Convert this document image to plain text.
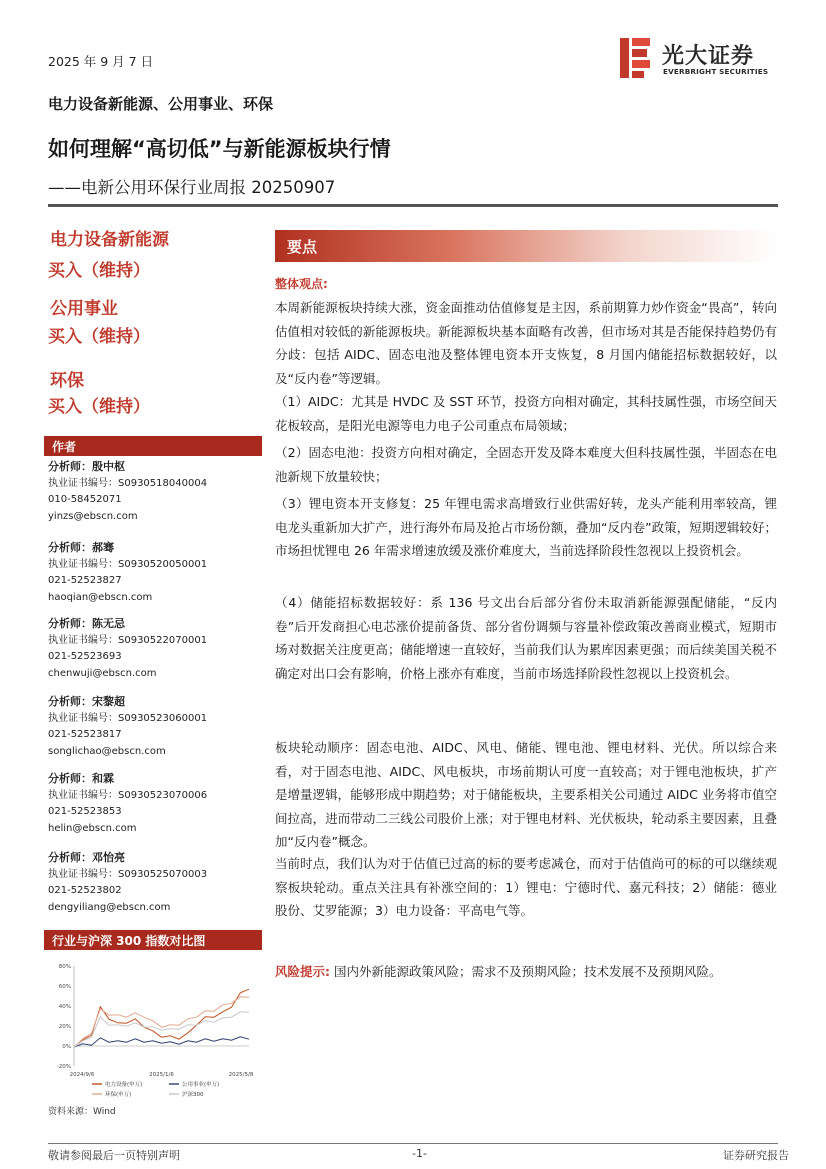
2025 年 9 月 7 日	光大证券
EVERBRIGHT SECURITIES
电力设备新能源、公用事业、环保
如何理解“高切低”与新能源板块行情
——电新公用环保行业周报 20250907
电力设备新能源
买入（维持）
公用事业
买入（维持）
环保
买入（维持）
作者
分析师：殷中枢
执业证书编号：S0930518040004
010-58452071
yinzs@ebscn.com
分析师：郝骞
执业证书编号：S0930520050001
021-52523827
haoqian@ebscn.com
分析师：陈无忌
执业证书编号：S0930522070001
021-52523693
chenwuji@ebscn.com
分析师：宋黎超
执业证书编号：S0930523060001
021-52523817
songlichao@ebscn.com
分析师：和霖
执业证书编号：S0930523070006
021-52523853
helin@ebscn.com
分析师：邓怡亮
执业证书编号：S0930525070003
021-52523802
dengyiliang@ebscn.com
行业与沪深 300 指数对比图
80%
60%
40%
20%
0%
-20%
2024/9/6	2025/1/6	2025/5/8
电力设备(申万)	公用事业(申万)
环保(申万)	沪深300
资料来源：Wind
要点
整体观点:
本周新能源板块持续大涨，资金面推动估值修复是主因，系前期算力炒作资金“畏高”，转向估值相对较低的新能源板块。新能源板块基本面略有改善，但市场对其是否能保持趋势仍有分歧：包括 AIDC、固态电池及整体锂电资本开支恢复，8 月国内储能招标数据较好，以及“反内卷”等逻辑。
（1）AIDC：尤其是 HVDC 及 SST 环节，投资方向相对确定，其科技属性强，市场空间天花板较高，是阳光电源等电力电子公司重点布局领域；
（2）固态电池：投资方向相对确定，全固态开发及降本难度大但科技属性强，半固态在电池新规下放量较快；
（3）锂电资本开支修复：25 年锂电需求高增致行业供需好转，龙头产能利用率较高，锂电龙头重新加大扩产，进行海外布局及抢占市场份额，叠加“反内卷”政策，短期逻辑较好；市场担忧锂电 26 年需求增速放缓及涨价难度大，当前选择阶段性忽视以上投资机会。
（4）储能招标数据较好：系 136 号文出台后部分省份未取消新能源强配储能，“反内卷”后开发商担心电芯涨价提前备货、部分省份调频与容量补偿政策改善商业模式，短期市场对数据关注度更高；储能增速一直较好，当前我们认为累库因素更强；而后续美国关税不确定对出口会有影响，价格上涨亦有难度，当前市场选择阶段性忽视以上投资机会。
板块轮动顺序：固态电池、AIDC、风电、储能、锂电池、锂电材料、光伏。所以综合来看，对于固态电池、AIDC、风电板块，市场前期认可度一直较高；对于锂电池板块，扩产是增量逻辑，能够形成中期趋势；对于储能板块，主要系相关公司通过 AIDC 业务将市值空间拉高，进而带动二三线公司股价上涨；对于锂电材料、光伏板块，轮动系主要因素，且叠加“反内卷”概念。
当前时点，我们认为对于估值已过高的标的要考虑减仓，而对于估值尚可的标的可以继续观察板块轮动。重点关注具有补涨空间的：1）锂电：宁德时代、嘉元科技；2）储能：德业股份、艾罗能源；3）电力设备：平高电气等。
风险提示: 国内外新能源政策风险；需求不及预期风险；技术发展不及预期风险。
敬请参阅最后一页特别声明	-1-	证券研究报告
